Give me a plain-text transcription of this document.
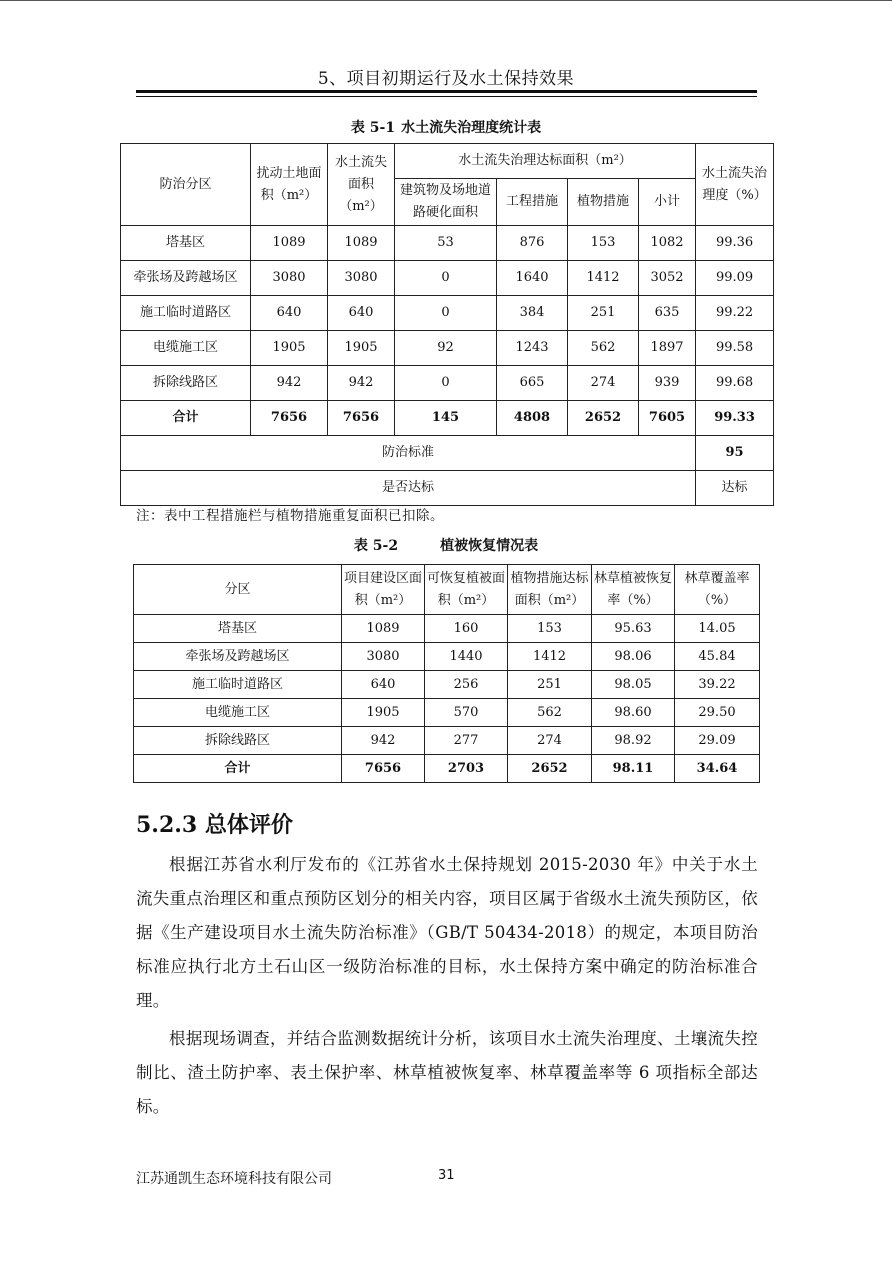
5、项目初期运行及水土保持效果
表 5-1 水土流失治理度统计表
防治分区	扰动土地面积（m²）	水土流失面积（m²）	水土流失治理达标面积（m²）				水土流失治理度（%）
			建筑物及场地道路硬化面积	工程措施	植物措施	小计	
塔基区	1089	1089	53	876	153	1082	99.36
牵张场及跨越场区	3080	3080	0	1640	1412	3052	99.09
施工临时道路区	640	640	0	384	251	635	99.22
电缆施工区	1905	1905	92	1243	562	1897	99.58
拆除线路区	942	942	0	665	274	939	99.68
合计	7656	7656	145	4808	2652	7605	99.33
防治标准							95
是否达标							达标
注：表中工程措施栏与植物措施重复面积已扣除。
表 5-2	植被恢复情况表
分区	项目建设区面积（m²）	可恢复植被面积（m²）	植物措施达标面积（m²）	林草植被恢复率（%）	林草覆盖率（%）
塔基区	1089	160	153	95.63	14.05
牵张场及跨越场区	3080	1440	1412	98.06	45.84
施工临时道路区	640	256	251	98.05	39.22
电缆施工区	1905	570	562	98.60	29.50
拆除线路区	942	277	274	98.92	29.09
合计	7656	2703	2652	98.11	34.64
5.2.3 总体评价

根据江苏省水利厅发布的《江苏省水土保持规划 2015-2030 年》中关于水土流失重点治理区和重点预防区划分的相关内容，项目区属于省级水土流失预防区，依据《生产建设项目水土流失防治标准》（GB/T 50434-2018）的规定，本项目防治标准应执行北方土石山区一级防治标准的目标，水土保持方案中确定的防治标准合理。

根据现场调查，并结合监测数据统计分析，该项目水土流失治理度、土壤流失控制比、渣土防护率、表土保护率、林草植被恢复率、林草覆盖率等 6 项指标全部达标。

江苏通凯生态环境科技有限公司	31
